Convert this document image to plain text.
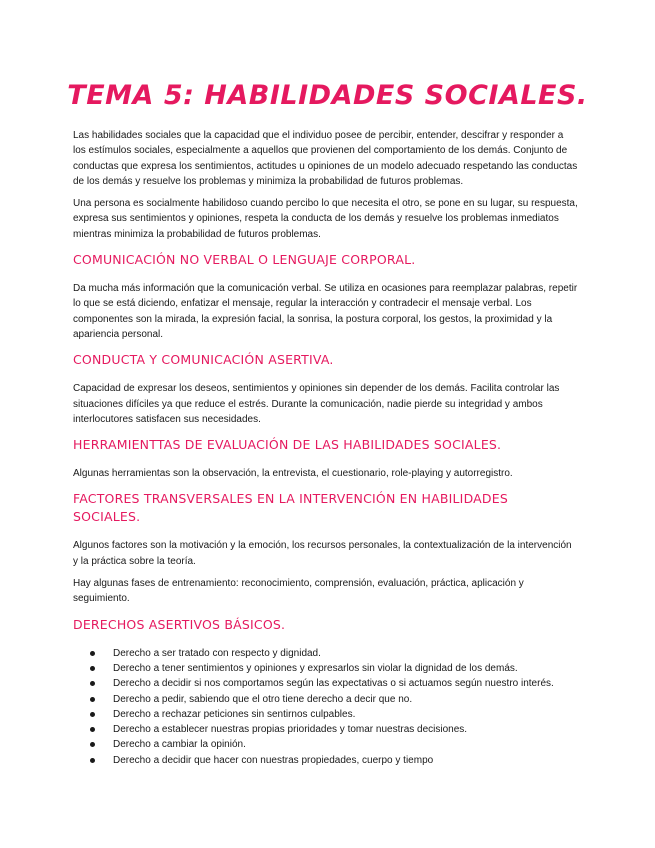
TEMA 5: HABILIDADES SOCIALES.

Las habilidades sociales que la capacidad que el individuo posee de percibir, entender, descifrar y responder a los estímulos sociales, especialmente a aquellos que provienen del comportamiento de los demás. Conjunto de conductas que expresa los sentimientos, actitudes u opiniones de un modelo adecuado respetando las conductas de los demás y resuelve los problemas y minimiza la probabilidad de futuros problemas.

Una persona es socialmente habilidoso cuando percibo lo que necesita el otro, se pone en su lugar, su respuesta, expresa sus sentimientos y opiniones, respeta la conducta de los demás y resuelve los problemas inmediatos mientras minimiza la probabilidad de futuros problemas.

COMUNICACIÓN NO VERBAL O LENGUAJE CORPORAL.

Da mucha más información que la comunicación verbal. Se utiliza en ocasiones para reemplazar palabras, repetir lo que se está diciendo, enfatizar el mensaje, regular la interacción y contradecir el mensaje verbal. Los componentes son la mirada, la expresión facial, la sonrisa, la postura corporal, los gestos, la proximidad y la apariencia personal.

CONDUCTA Y COMUNICACIÓN ASERTIVA.

Capacidad de expresar los deseos, sentimientos y opiniones sin depender de los demás. Facilita controlar las situaciones difíciles ya que reduce el estrés. Durante la comunicación, nadie pierde su integridad y ambos interlocutores satisfacen sus necesidades.

HERRAMIENTTAS DE EVALUACIÓN DE LAS HABILIDADES SOCIALES.

Algunas herramientas son la observación, la entrevista, el cuestionario, role-playing y autorregistro.

FACTORES TRANSVERSALES EN LA INTERVENCIÓN EN HABILIDADES SOCIALES.

Algunos factores son la motivación y la emoción, los recursos personales, la contextualización de la intervención y la práctica sobre la teoría.

Hay algunas fases de entrenamiento: reconocimiento, comprensión, evaluación, práctica, aplicación y seguimiento.

DERECHOS ASERTIVOS BÁSICOS.
Derecho a ser tratado con respecto y dignidad.
Derecho a tener sentimientos y opiniones y expresarlos sin violar la dignidad de los demás.
Derecho a decidir si nos comportamos según las expectativas o si actuamos según nuestro interés.
Derecho a pedir, sabiendo que el otro tiene derecho a decir que no.
Derecho a rechazar peticiones sin sentirnos culpables.
Derecho a establecer nuestras propias prioridades y tomar nuestras decisiones.
Derecho a cambiar la opinión.
Derecho a decidir que hacer con nuestras propiedades, cuerpo y tiempo
